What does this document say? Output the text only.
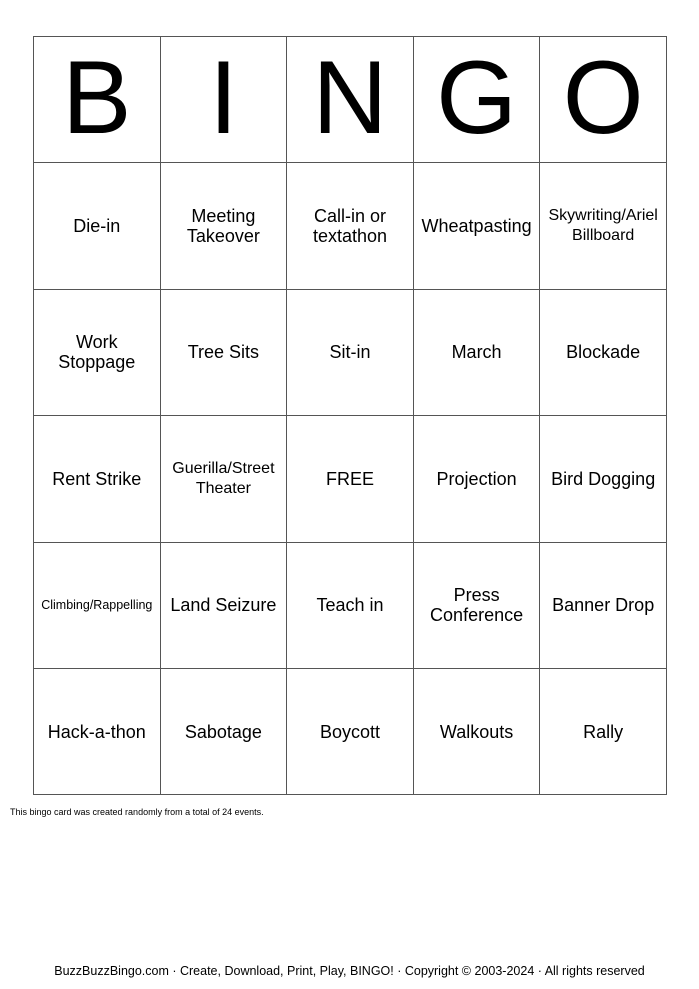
B	I	N	G	O
Die-in	Meeting Takeover	Call-in or textathon	Wheatpasting	Skywriting/Ariel Billboard
Work Stoppage	Tree Sits	Sit-in	March	Blockade
Rent Strike	Guerilla/Street Theater	FREE	Projection	Bird Dogging
Climbing/Rappelling	Land Seizure	Teach in	Press Conference	Banner Drop
Hack-a-thon	Sabotage	Boycott	Walkouts	Rally
This bingo card was created randomly from a total of 24 events.
BuzzBuzzBingo.com · Create, Download, Print, Play, BINGO! · Copyright © 2003-2024 · All rights reserved
